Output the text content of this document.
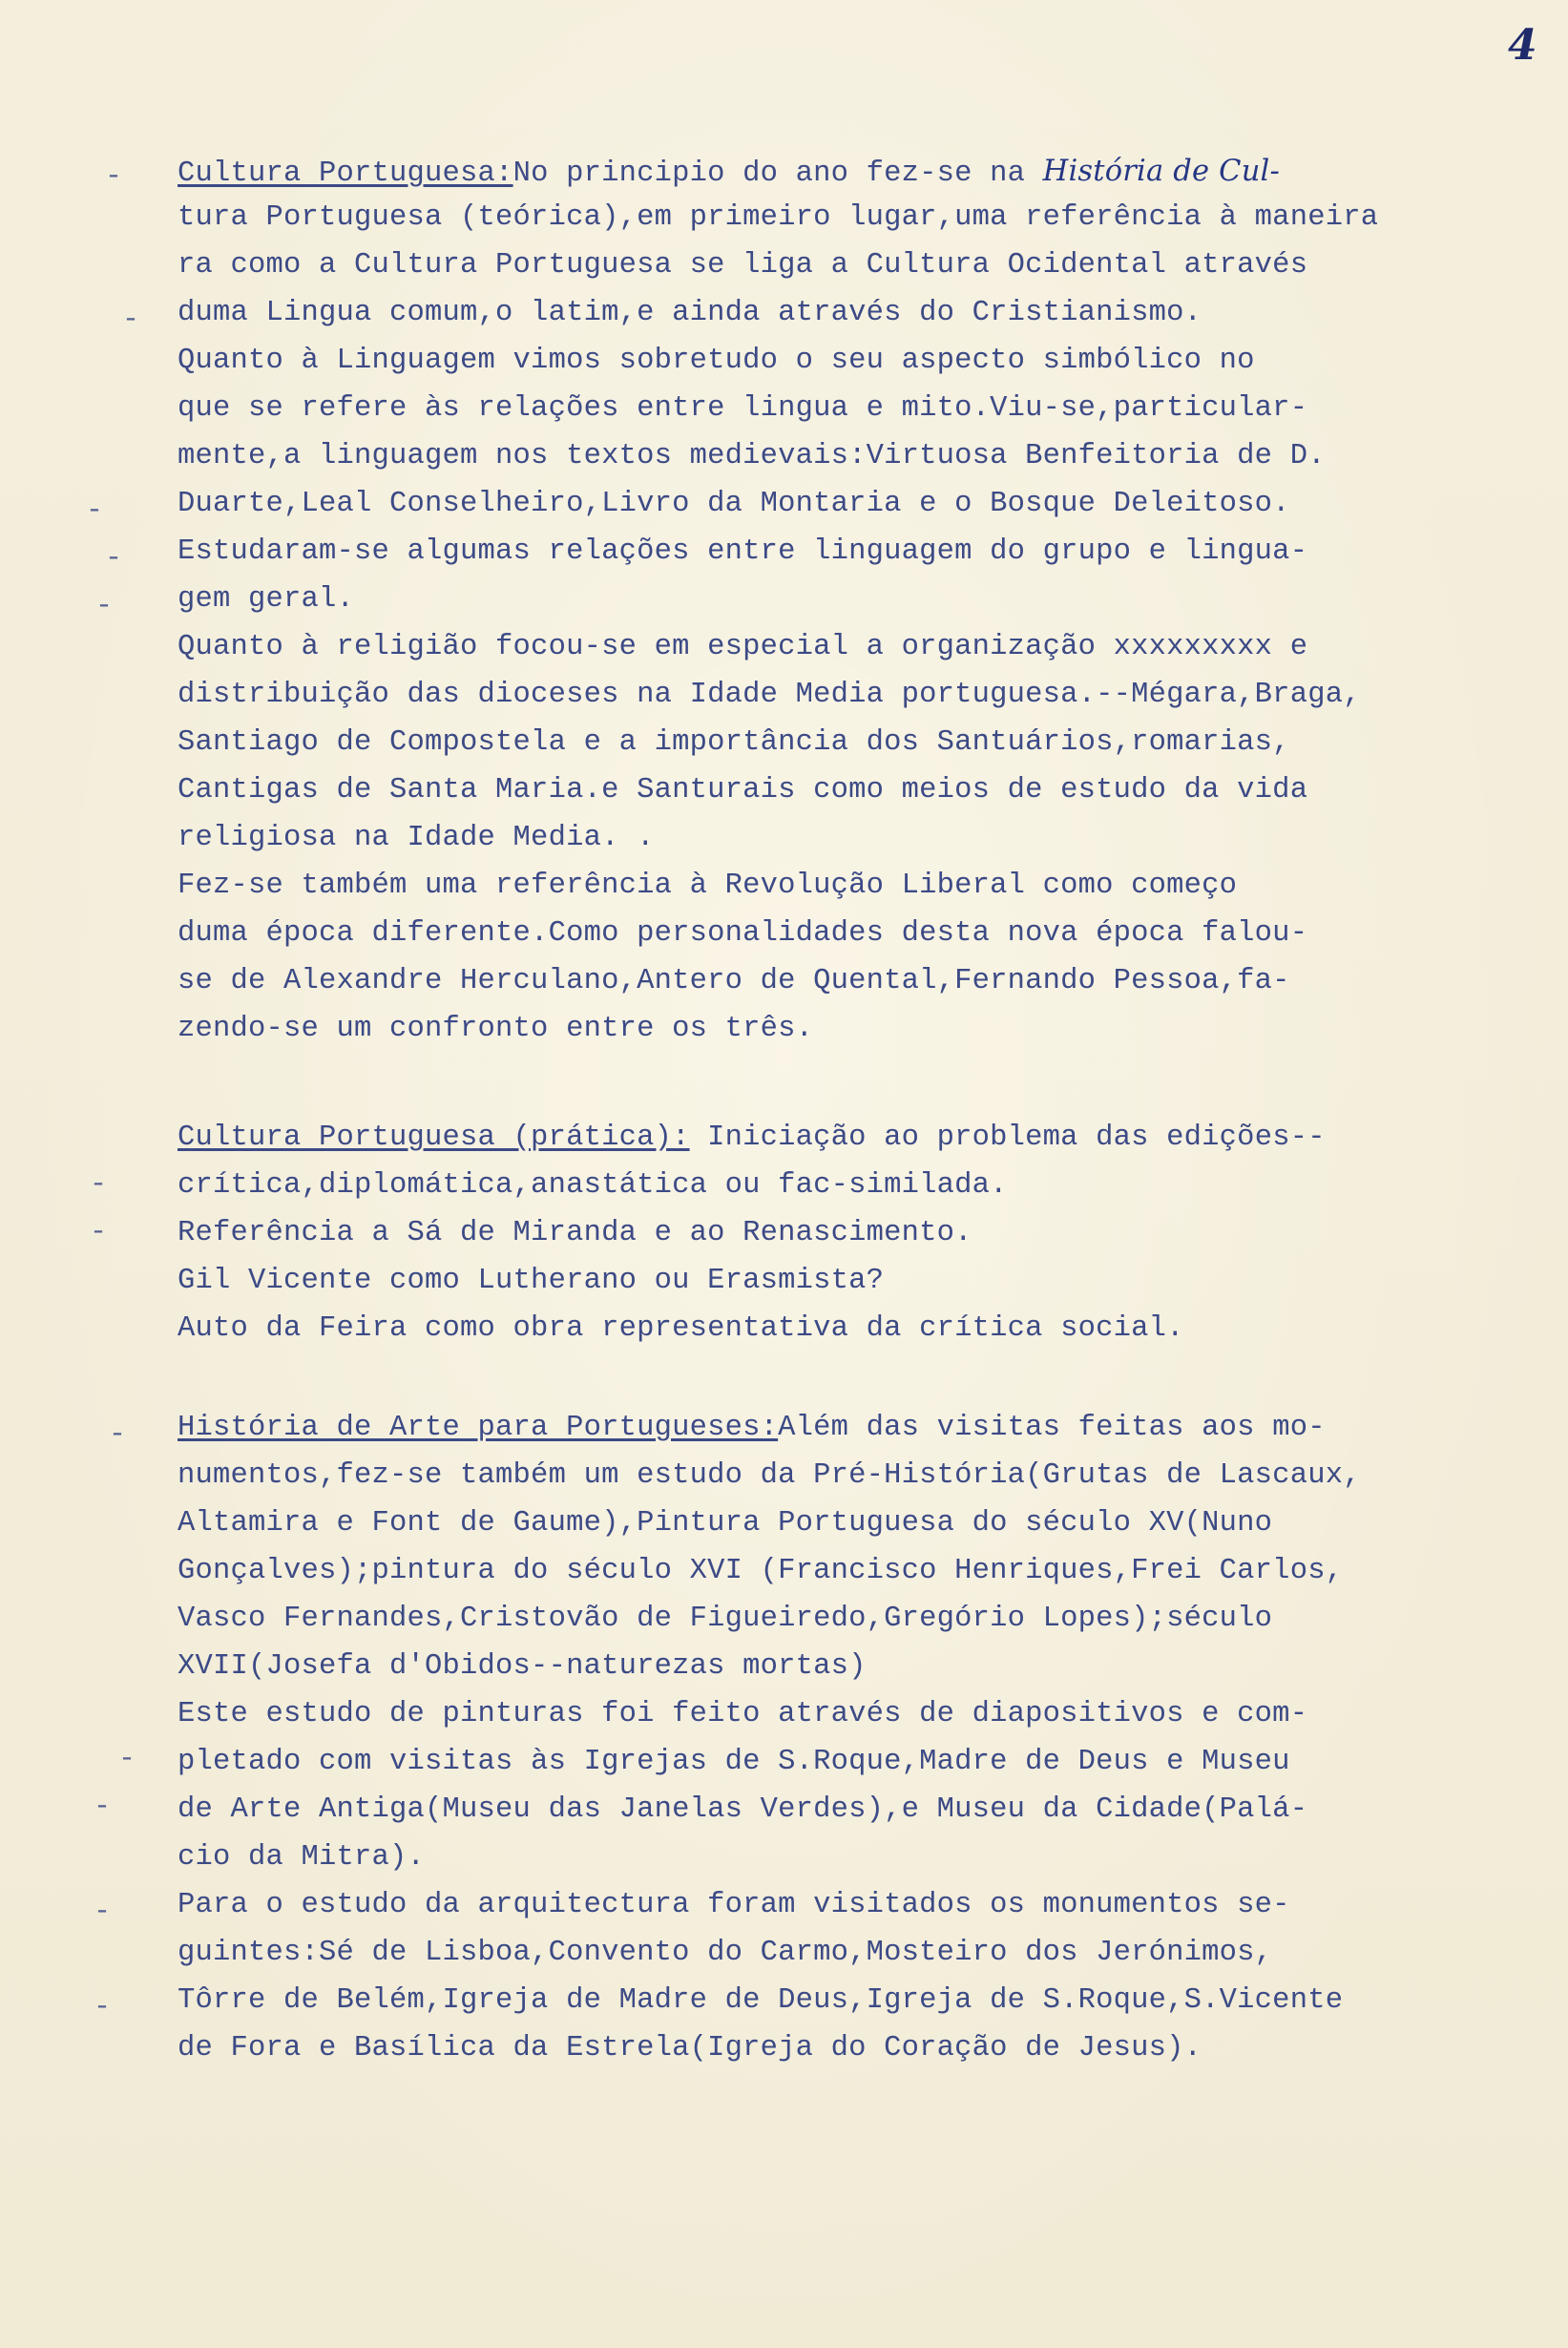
4
Cultura Portuguesa:No principio do ano fez-se na História de Cul-
tura Portuguesa (teórica),em primeiro lugar,uma referência à maneira
ra como a Cultura Portuguesa se liga a Cultura Ocidental através
duma Lingua comum,o latim,e ainda através do Cristianismo.
Quanto à Linguagem vimos sobretudo o seu aspecto simbólico no
que se refere às relações entre lingua e mito.Viu-se,particular-
mente,a linguagem nos textos medievais:Virtuosa Benfeitoria de D.
Duarte,Leal Conselheiro,Livro da Montaria e o Bosque Deleitoso.
Estudaram-se algumas relações entre linguagem do grupo e lingua-
gem geral.
Quanto à religião focou-se em especial a organização xxxxxxxxx e
distribuição das dioceses na Idade Media portuguesa.--Mégara,Braga,
Santiago de Compostela e a importância dos Santuários,romarias,
Cantigas de Santa Maria.e Santurais como meios de estudo da vida
religiosa na Idade Media. .
Fez-se também uma referência à Revolução Liberal como começo
duma época diferente.Como personalidades desta nova época falou-
se de Alexandre Herculano,Antero de Quental,Fernando Pessoa,fa-
zendo-se um confronto entre os três.
Cultura Portuguesa (prática): Iniciação ao problema das edições--
crítica,diplomática,anastática ou fac-similada.
Referência a Sá de Miranda e ao Renascimento.
Gil Vicente como Lutherano ou Erasmista?
Auto da Feira como obra representativa da crítica social.
História de Arte para Portugueses:Além das visitas feitas aos mo-
numentos,fez-se também um estudo da Pré-História(Grutas de Lascaux,
Altamira e Font de Gaume),Pintura Portuguesa do século XV(Nuno
Gonçalves);pintura do século XVI (Francisco Henriques,Frei Carlos,
Vasco Fernandes,Cristovão de Figueiredo,Gregório Lopes);século
XVII(Josefa d'Obidos--naturezas mortas)
Este estudo de pinturas foi feito através de diapositivos e com-
pletado com visitas às Igrejas de S.Roque,Madre de Deus e Museu
de Arte Antiga(Museu das Janelas Verdes),e Museu da Cidade(Palá-
cio da Mitra).
Para o estudo da arquitectura foram visitados os monumentos se-
guintes:Sé de Lisboa,Convento do Carmo,Mosteiro dos Jerónimos,
Tôrre de Belém,Igreja de Madre de Deus,Igreja de S.Roque,S.Vicente
de Fora e Basílica da Estrela(Igreja do Coração de Jesus).
-
-
-
-
-
-
-
-
-
-
-
-
